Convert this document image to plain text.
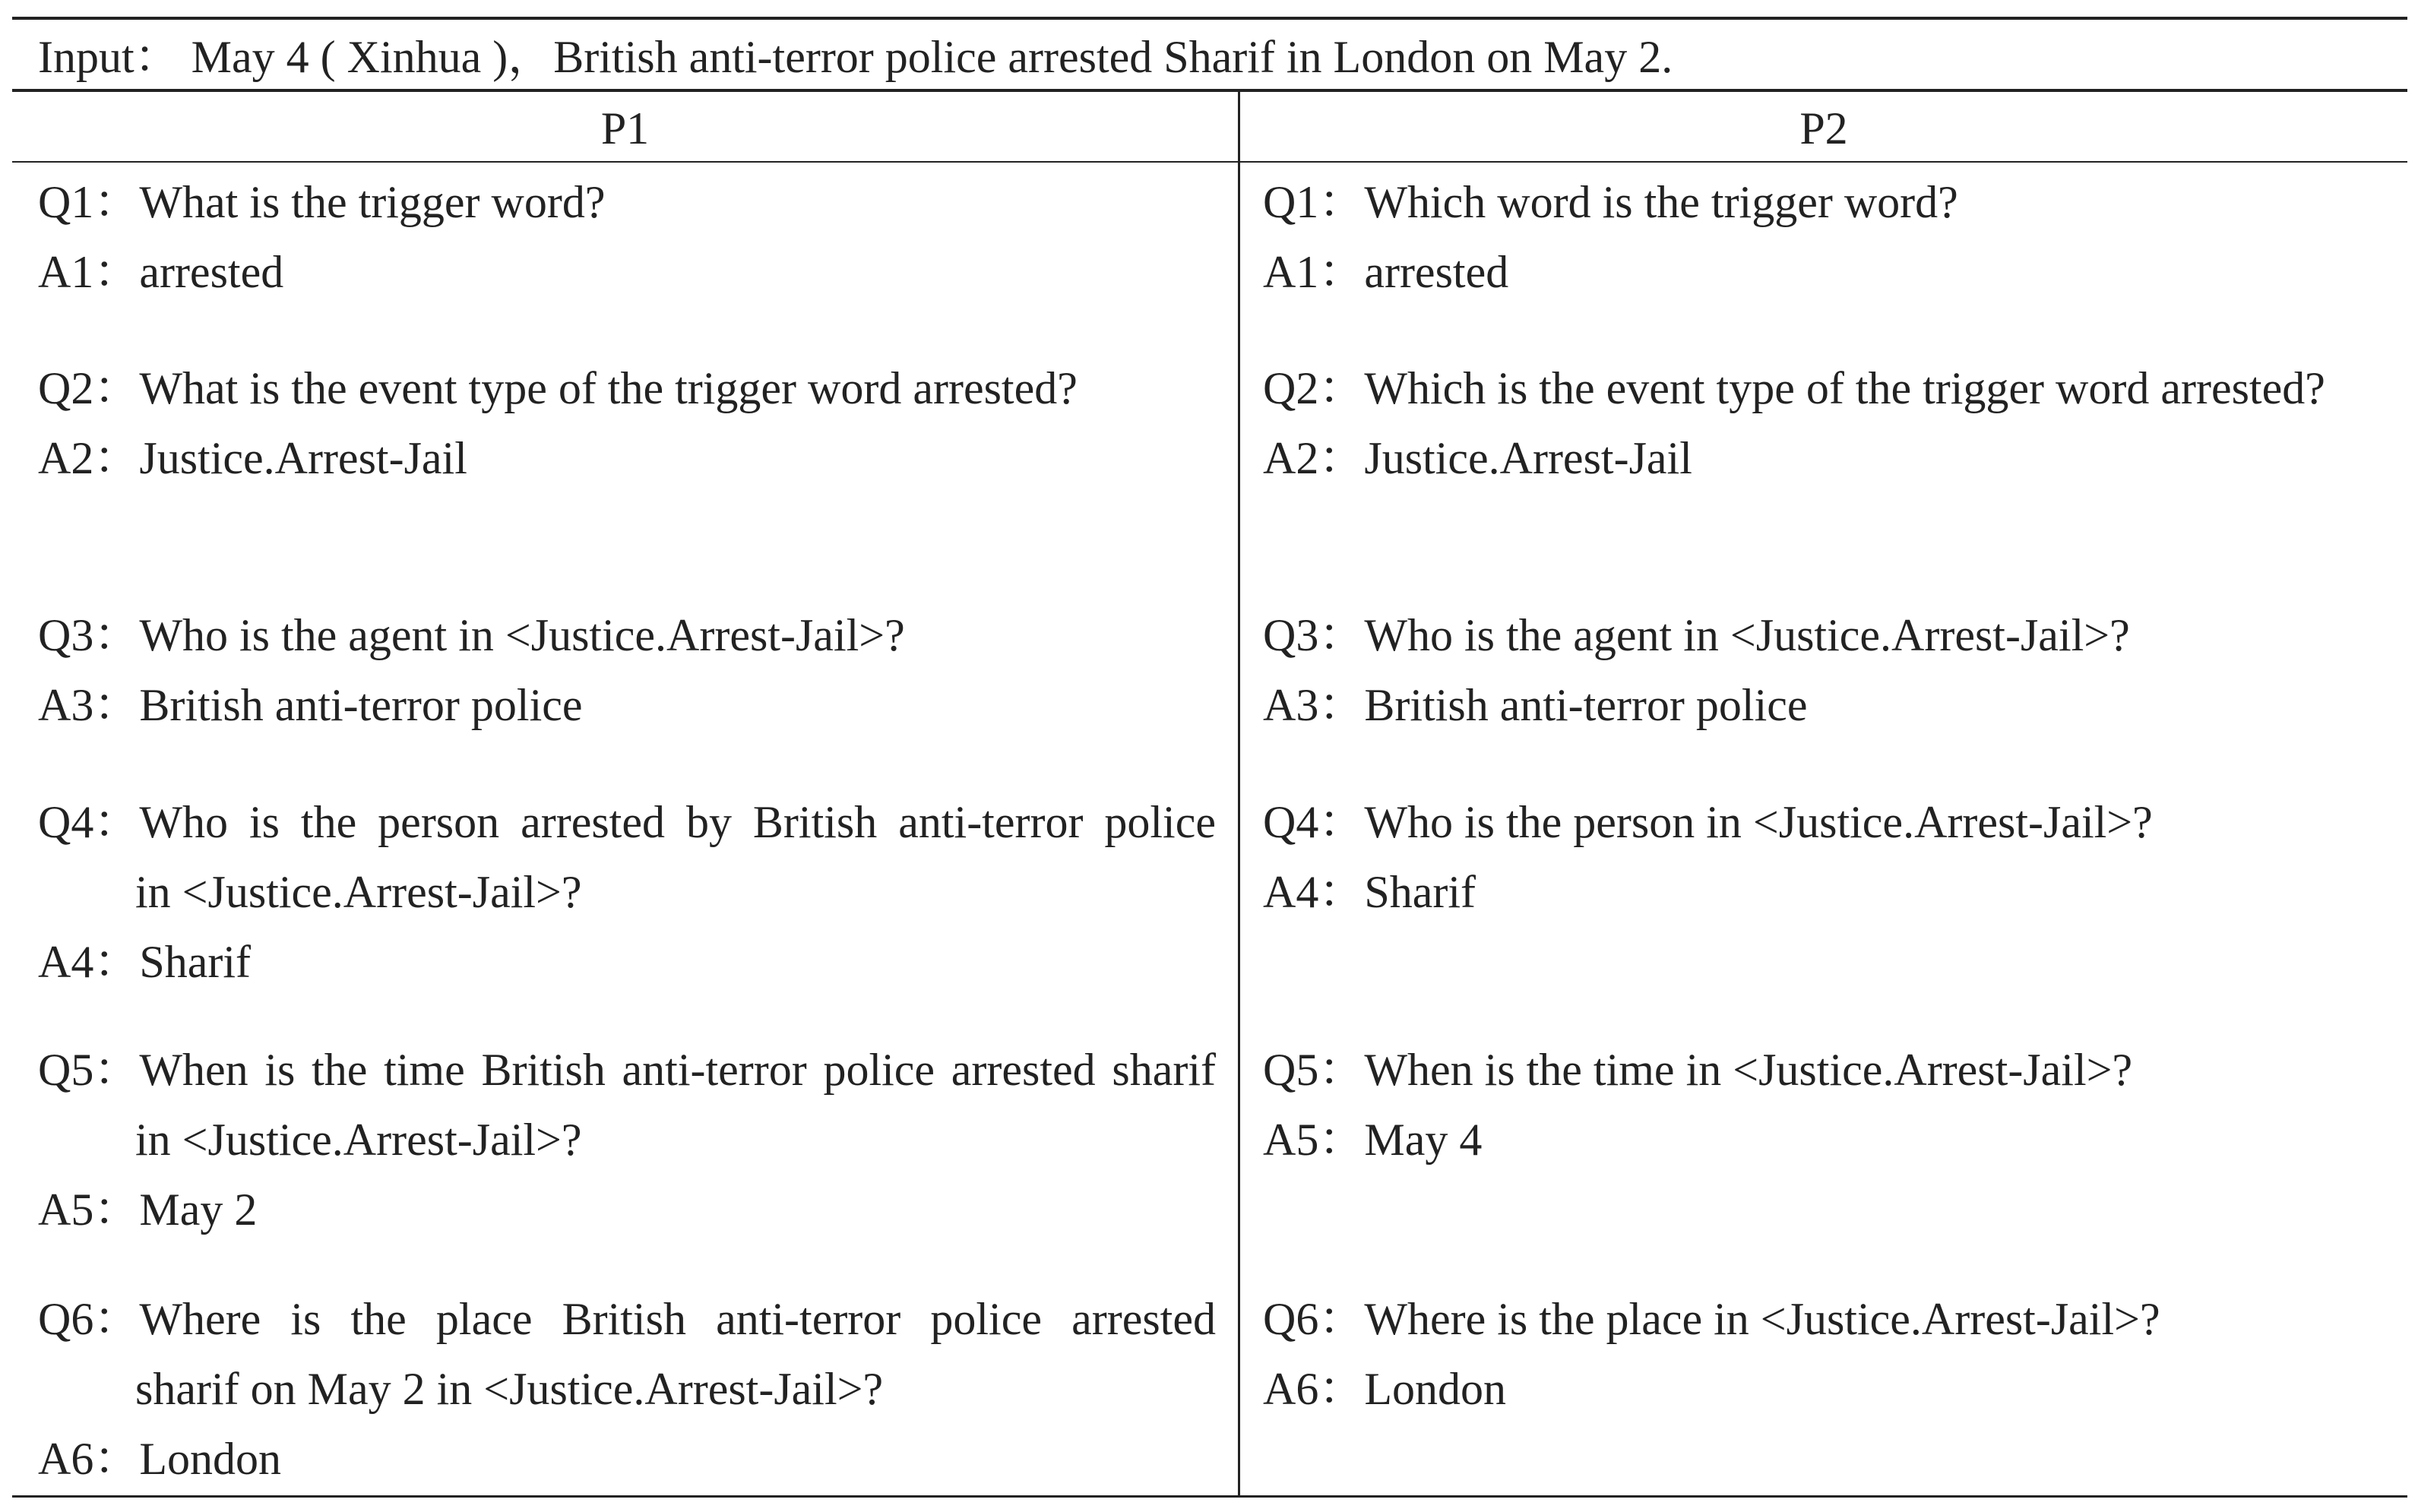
Input： May 4 ( Xinhua )，British anti-terror police arrested Sharif in London on May 2.
P1	P2
Q1： What is the trigger word?
A1： arrested
Q2： What is the event type of the trigger word arrested?
A2： Justice.Arrest-Jail
Q3： Who is the agent in <Justice.Arrest-Jail>?
A3： British anti-terror police
Q4： Who is the person arrested by British anti-terror police
in <Justice.Arrest-Jail>?
A4： Sharif
Q5： When is the time British anti-terror police arrested sharif
in <Justice.Arrest-Jail>?
A5： May 2
Q6： Where is the place British anti-terror police arrested
sharif on May 2 in <Justice.Arrest-Jail>?
A6： London
Q1： Which word is the trigger word?
A1： arrested
Q2： Which is the event type of the trigger word arrested?
A2： Justice.Arrest-Jail
Q3： Who is the agent in <Justice.Arrest-Jail>?
A3： British anti-terror police
Q4： Who is the person in <Justice.Arrest-Jail>?
A4： Sharif
Q5： When is the time in <Justice.Arrest-Jail>?
A5： May 4
Q6： Where is the place in <Justice.Arrest-Jail>?
A6： London
